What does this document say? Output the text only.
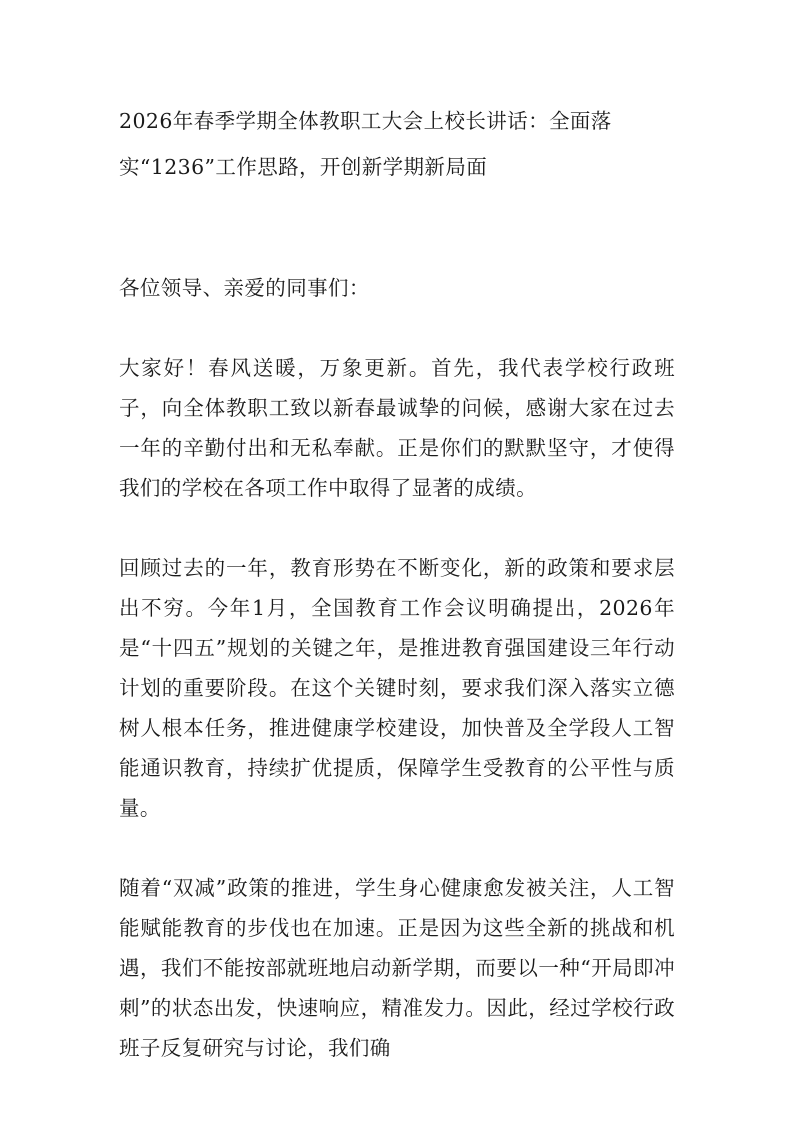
2026年春季学期全体教职工大会上校长讲话：全面落实“1236”工作思路，开创新学期新局面

各位领导、亲爱的同事们：

大家好！春风送暖，万象更新。首先，我代表学校行政班子，向全体教职工致以新春最诚挚的问候，感谢大家在过去一年的辛勤付出和无私奉献。正是你们的默默坚守，才使得我们的学校在各项工作中取得了显著的成绩。

回顾过去的一年，教育形势在不断变化，新的政策和要求层出不穷。今年1月，全国教育工作会议明确提出，2026年是“十四五”规划的关键之年，是推进教育强国建设三年行动计划的重要阶段。在这个关键时刻，要求我们深入落实立德树人根本任务，推进健康学校建设，加快普及全学段人工智能通识教育，持续扩优提质，保障学生受教育的公平性与质量。

随着“双减”政策的推进，学生身心健康愈发被关注，人工智能赋能教育的步伐也在加速。正是因为这些全新的挑战和机遇，我们不能按部就班地启动新学期，而要以一种“开局即冲刺”的状态出发，快速响应，精准发力。因此，经过学校行政班子反复研究与讨论，我们确
